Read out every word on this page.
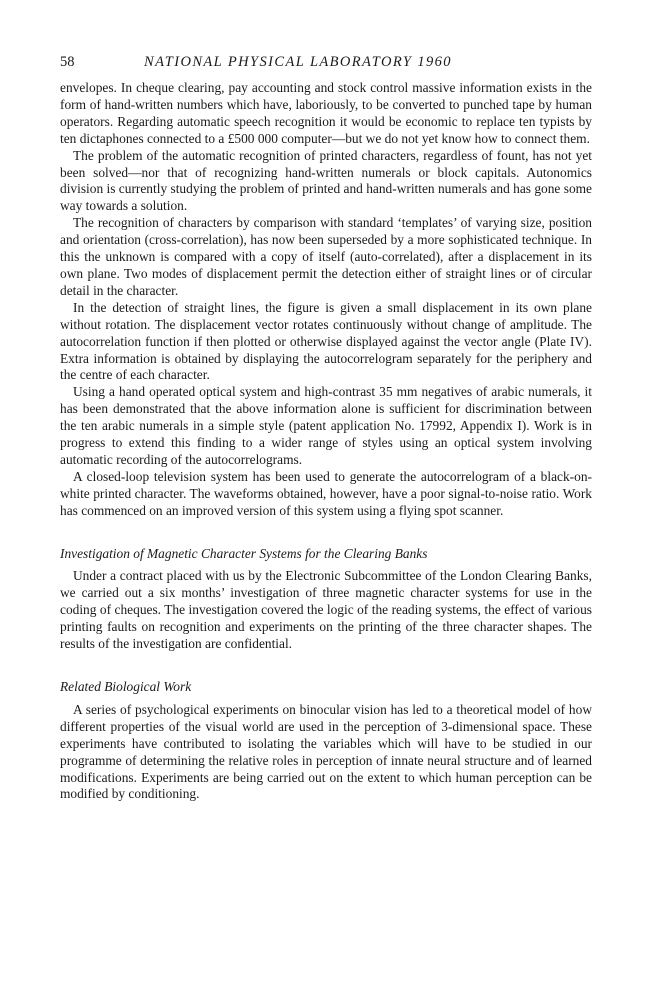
58	NATIONAL PHYSICAL LABORATORY 1960

envelopes. In cheque clearing, pay accounting and stock control massive information exists in the form of hand-written numbers which have, laboriously, to be converted to punched tape by human operators. Regarding automatic speech recognition it would be economic to replace ten typists by ten dictaphones connected to a £500 000 computer—but we do not yet know how to connect them.

The problem of the automatic recognition of printed characters, regardless of fount, has not yet been solved—nor that of recognizing hand-written numerals or block capitals. Autonomics division is currently studying the problem of printed and hand-written numerals and has gone some way towards a solution.

The recognition of characters by comparison with standard ‘templates’ of varying size, position and orientation (cross-correlation), has now been superseded by a more sophisticated technique. In this the unknown is compared with a copy of itself (auto-correlated), after a displacement in its own plane. Two modes of displacement permit the detection either of straight lines or of circular detail in the character.

In the detection of straight lines, the figure is given a small displacement in its own plane without rotation. The displacement vector rotates continuously without change of amplitude. The autocorrelation function if then plotted or otherwise displayed against the vector angle (Plate IV). Extra information is obtained by displaying the autocorrelogram separately for the periphery and the centre of each character.

Using a hand operated optical system and high-contrast 35 mm negatives of arabic numerals, it has been demonstrated that the above information alone is sufficient for discrimination between the ten arabic numerals in a simple style (patent application No. 17992, Appendix I). Work is in progress to extend this finding to a wider range of styles using an optical system involving automatic recording of the autocorrelograms.

A closed-loop television system has been used to generate the autocorrelogram of a black-on-white printed character. The waveforms obtained, however, have a poor signal-to-noise ratio. Work has commenced on an improved version of this system using a flying spot scanner.

Investigation of Magnetic Character Systems for the Clearing Banks

Under a contract placed with us by the Electronic Subcommittee of the London Clearing Banks, we carried out a six months’ investigation of three magnetic character systems for use in the coding of cheques. The investigation covered the logic of the reading systems, the effect of various printing faults on recognition and experiments on the printing of the three character shapes. The results of the investigation are confidential.

Related Biological Work

A series of psychological experiments on binocular vision has led to a theoretical model of how different properties of the visual world are used in the perception of 3-dimensional space. These experiments have contributed to isolating the variables which will have to be studied in our programme of determining the relative roles in perception of innate neural structure and of learned modifications. Experiments are being carried out on the extent to which human perception can be modified by conditioning.
